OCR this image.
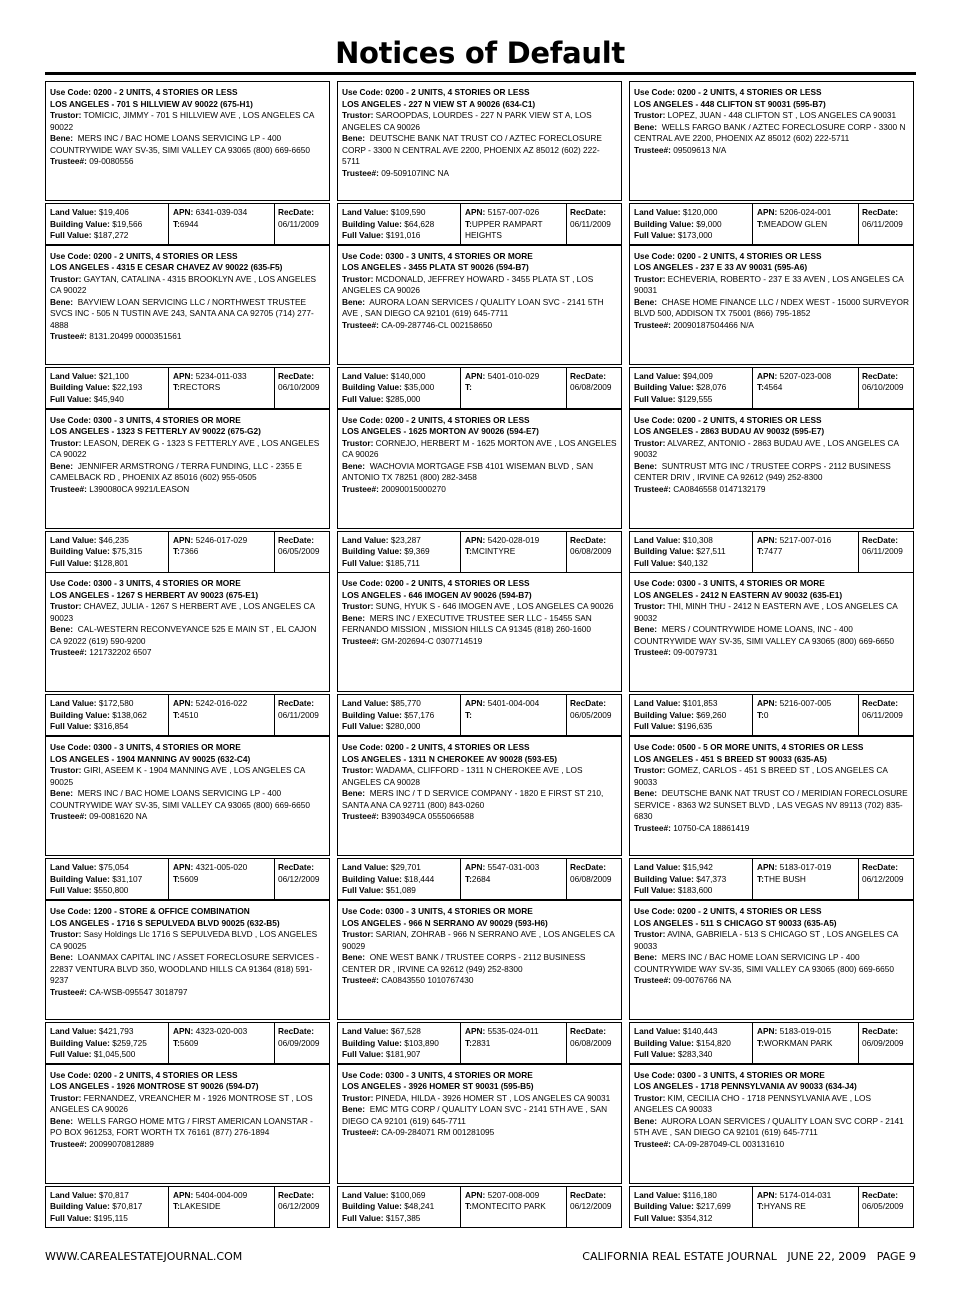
Notices of Default
Use Code: 0200 - 2 UNITS, 4 STORIES OR LESS
LOS ANGELES - 701 S HILLVIEW AV 90022 (675-H1)
Trustor: TOMICIC, JIMMY - 701 S HILLVIEW AVE , LOS ANGELES CA 90022
Bene: MERS INC / BAC HOME LOANS SERVICING LP - 400 COUNTRYWIDE WAY SV-35, SIMI VALLEY CA 93065 (800) 669-6650
Trustee#: 09-0080556
Land Value: $19,406
Building Value: $19,566
Full Value: $187,272
APN: 6341-039-034
T:6944
RecDate:
06/11/2009
Use Code: 0200 - 2 UNITS, 4 STORIES OR LESS
LOS ANGELES - 4315 E CESAR CHAVEZ AV 90022 (635-F5)
Trustor: GAYTAN, CATALINA - 4315 BROOKLYN AVE , LOS ANGELES CA 90022
Bene: BAYVIEW LOAN SERVICING LLC / NORTHWEST TRUSTEE SVCS INC - 505 N TUSTIN AVE 243, SANTA ANA CA 92705 (714) 277-4888
Trustee#: 8131.20499 0000351561
Land Value: $21,100
Building Value: $22,193
Full Value: $45,940
APN: 5234-011-033
T:RECTORS
RecDate:
06/10/2009
Use Code: 0300 - 3 UNITS, 4 STORIES OR MORE
LOS ANGELES - 1323 S FETTERLY AV 90022 (675-G2)
Trustor: LEASON, DEREK G - 1323 S FETTERLY AVE , LOS ANGELES CA 90022
Bene: JENNIFER ARMSTRONG / TERRA FUNDING, LLC - 2355 E CAMELBACK RD , PHOENIX AZ 85016 (602) 955-0505
Trustee#: L390080CA 9921/LEASON
Land Value: $46,235
Building Value: $75,315
Full Value: $128,801
APN: 5246-017-029
T:7366
RecDate:
06/05/2009
Use Code: 0300 - 3 UNITS, 4 STORIES OR MORE
LOS ANGELES - 1267 S HERBERT AV 90023 (675-E1)
Trustor: CHAVEZ, JULIA - 1267 S HERBERT AVE , LOS ANGELES CA 90023
Bene: CAL-WESTERN RECONVEYANCE 525 E MAIN ST , EL CAJON CA 92022 (619) 590-9200
Trustee#: 121732202 6507
Land Value: $172,580
Building Value: $138,062
Full Value: $316,854
APN: 5242-016-022
T:4510
RecDate:
06/11/2009
Use Code: 0300 - 3 UNITS, 4 STORIES OR MORE
LOS ANGELES - 1904 MANNING AV 90025 (632-C4)
Trustor: GIRI, ASEEM K - 1904 MANNING AVE , LOS ANGELES CA 90025
Bene: MERS INC / BAC HOME LOANS SERVICING LP - 400 COUNTRYWIDE WAY SV-35, SIMI VALLEY CA 93065 (800) 669-6650
Trustee#: 09-0081620 NA
Land Value: $75,054
Building Value: $31,107
Full Value: $550,800
APN: 4321-005-020
T:5609
RecDate:
06/12/2009
Use Code: 1200 - STORE & OFFICE COMBINATION
LOS ANGELES - 1716 S SEPULVEDA BLVD 90025 (632-B5)
Trustor: Sasy Holdings Llc 1716 S SEPULVEDA BLVD , LOS ANGELES CA 90025
Bene: LOANMAX CAPITAL INC / ASSET FORECLOSURE SERVICES - 22837 VENTURA BLVD 350, WOODLAND HILLS CA 91364 (818) 591-9237
Trustee#: CA-WSB-095547 3018797
Land Value: $421,793
Building Value: $259,725
Full Value: $1,045,500
APN: 4323-020-003
T:5609
RecDate:
06/09/2009
Use Code: 0200 - 2 UNITS, 4 STORIES OR LESS
LOS ANGELES - 1926 MONTROSE ST 90026 (594-D7)
Trustor: FERNANDEZ, VREANCHER M - 1926 MONTROSE ST , LOS ANGELES CA 90026
Bene: WELLS FARGO HOME MTG / FIRST AMERICAN LOANSTAR - PO BOX 961253, FORT WORTH TX 76161 (877) 276-1894
Trustee#: 20099070812889
Land Value: $70,817
Building Value: $70,817
Full Value: $195,115
APN: 5404-004-009
T:LAKESIDE
RecDate:
06/12/2009
Use Code: 0200 - 2 UNITS, 4 STORIES OR LESS
LOS ANGELES - 227 N VIEW ST A 90026 (634-C1)
Trustor: SAROOPDAS, LOURDES - 227 N PARK VIEW ST A, LOS ANGELES CA 90026
Bene: DEUTSCHE BANK NAT TRUST CO / AZTEC FORECLOSURE CORP - 3300 N CENTRAL AVE 2200, PHOENIX AZ 85012 (602) 222-5711
Trustee#: 09-509107INC NA
Land Value: $109,590
Building Value: $64,628
Full Value: $191,016
APN: 5157-007-026
T:UPPER RAMPART HEIGHTS
RecDate:
06/11/2009
Use Code: 0300 - 3 UNITS, 4 STORIES OR MORE
LOS ANGELES - 3455 PLATA ST 90026 (594-B7)
Trustor: MCDONALD, JEFFREY HOWARD - 3455 PLATA ST , LOS ANGELES CA 90026
Bene: AURORA LOAN SERVICES / QUALITY LOAN SVC - 2141 5TH AVE , SAN DIEGO CA 92101 (619) 645-7711
Trustee#: CA-09-287746-CL 002158650
Land Value: $140,000
Building Value: $35,000
Full Value: $285,000
APN: 5401-010-029
T:
RecDate:
06/08/2009
Use Code: 0200 - 2 UNITS, 4 STORIES OR LESS
LOS ANGELES - 1625 MORTON AV 90026 (594-E7)
Trustor: CORNEJO, HERBERT M - 1625 MORTON AVE , LOS ANGELES CA 90026
Bene: WACHOVIA MORTGAGE FSB 4101 WISEMAN BLVD , SAN ANTONIO TX 78251 (800) 282-3458
Trustee#: 20090015000270
Land Value: $23,287
Building Value: $9,369
Full Value: $185,711
APN: 5420-028-019
T:MCINTYRE
RecDate:
06/08/2009
Use Code: 0200 - 2 UNITS, 4 STORIES OR LESS
LOS ANGELES - 646 IMOGEN AV 90026 (594-B7)
Trustor: SUNG, HYUK S - 646 IMOGEN AVE , LOS ANGELES CA 90026
Bene: MERS INC / EXECUTIVE TRUSTEE SER LLC - 15455 SAN FERNANDO MISSION , MISSION HILLS CA 91345 (818) 260-1600
Trustee#: GM-202694-C 0307714519
Land Value: $85,770
Building Value: $57,176
Full Value: $280,000
APN: 5401-004-004
T:
RecDate:
06/05/2009
Use Code: 0200 - 2 UNITS, 4 STORIES OR LESS
LOS ANGELES - 1311 N CHEROKEE AV 90028 (593-E5)
Trustor: WADAMA, CLIFFORD - 1311 N CHEROKEE AVE , LOS ANGELES CA 90028
Bene: MERS INC / T D SERVICE COMPANY - 1820 E FIRST ST 210, SANTA ANA CA 92711 (800) 843-0260
Trustee#: B390349CA 0555066588
Land Value: $29,701
Building Value: $18,444
Full Value: $51,089
APN: 5547-031-003
T:2684
RecDate:
06/08/2009
Use Code: 0300 - 3 UNITS, 4 STORIES OR MORE
LOS ANGELES - 966 N SERRANO AV 90029 (593-H6)
Trustor: SARIAN, ZOHRAB - 966 N SERRANO AVE , LOS ANGELES CA 90029
Bene: ONE WEST BANK / TRUSTEE CORPS - 2112 BUSINESS CENTER DR , IRVINE CA 92612 (949) 252-8300
Trustee#: CA0843550 1010767430
Land Value: $67,528
Building Value: $103,890
Full Value: $181,907
APN: 5535-024-011
T:2831
RecDate:
06/08/2009
Use Code: 0300 - 3 UNITS, 4 STORIES OR MORE
LOS ANGELES - 3926 HOMER ST 90031 (595-B5)
Trustor: PINEDA, HILDA - 3926 HOMER ST , LOS ANGELES CA 90031
Bene: EMC MTG CORP / QUALITY LOAN SVC - 2141 5TH AVE , SAN DIEGO CA 92101 (619) 645-7711
Trustee#: CA-09-284071 RM 001281095
Land Value: $100,069
Building Value: $48,241
Full Value: $157,385
APN: 5207-008-009
T:MONTECITO PARK
RecDate:
06/12/2009
Use Code: 0200 - 2 UNITS, 4 STORIES OR LESS
LOS ANGELES - 448 CLIFTON ST 90031 (595-B7)
Trustor: LOPEZ, JUAN - 448 CLIFTON ST , LOS ANGELES CA 90031
Bene: WELLS FARGO BANK / AZTEC FORECLOSURE CORP - 3300 N CENTRAL AVE 2200, PHOENIX AZ 85012 (602) 222-5711
Trustee#: 09509613 N/A
Land Value: $120,000
Building Value: $9,000
Full Value: $173,000
APN: 5206-024-001
T:MEADOW GLEN
RecDate:
06/11/2009
Use Code: 0200 - 2 UNITS, 4 STORIES OR LESS
LOS ANGELES - 237 E 33 AV 90031 (595-A6)
Trustor: ECHEVERIA, ROBERTO - 237 E 33 AVEN , LOS ANGELES CA 90031
Bene: CHASE HOME FINANCE LLC / NDEX WEST - 15000 SURVEYOR BLVD 500, ADDISON TX 75001 (866) 795-1852
Trustee#: 20090187504466 N/A
Land Value: $94,009
Building Value: $28,076
Full Value: $129,555
APN: 5207-023-008
T:4564
RecDate:
06/10/2009
Use Code: 0200 - 2 UNITS, 4 STORIES OR LESS
LOS ANGELES - 2863 BUDAU AV 90032 (595-E7)
Trustor: ALVAREZ, ANTONIO - 2863 BUDAU AVE , LOS ANGELES CA 90032
Bene: SUNTRUST MTG INC / TRUSTEE CORPS - 2112 BUSINESS CENTER DRIV , IRVINE CA 92612 (949) 252-8300
Trustee#: CA0846558 0147132179
Land Value: $10,308
Building Value: $27,511
Full Value: $40,132
APN: 5217-007-016
T:7477
RecDate:
06/11/2009
Use Code: 0300 - 3 UNITS, 4 STORIES OR MORE
LOS ANGELES - 2412 N EASTERN AV 90032 (635-E1)
Trustor: THI, MINH THU - 2412 N EASTERN AVE , LOS ANGELES CA 90032
Bene: MERS / COUNTRYWIDE HOME LOANS, INC - 400 COUNTRYWIDE WAY SV-35, SIMI VALLEY CA 93065 (800) 669-6650
Trustee#: 09-0079731
Land Value: $101,853
Building Value: $69,260
Full Value: $196,635
APN: 5216-007-005
T:0
RecDate:
06/11/2009
Use Code: 0500 - 5 OR MORE UNITS, 4 STORIES OR LESS
LOS ANGELES - 451 S BREED ST 90033 (635-A5)
Trustor: GOMEZ, CARLOS - 451 S BREED ST , LOS ANGELES CA 90033
Bene: DEUTSCHE BANK NAT TRUST CO / MERIDIAN FORECLOSURE SERVICE - 8363 W2 SUNSET BLVD , LAS VEGAS NV 89113 (702) 835-6830
Trustee#: 10750-CA 18861419
Land Value: $15,942
Building Value: $47,373
Full Value: $183,600
APN: 5183-017-019
T:THE BUSH
RecDate:
06/12/2009
Use Code: 0200 - 2 UNITS, 4 STORIES OR LESS
LOS ANGELES - 511 S CHICAGO ST 90033 (635-A5)
Trustor: AVINA, GABRIELA - 513 S CHICAGO ST , LOS ANGELES CA 90033
Bene: MERS INC / BAC HOME LOAN SERVICING LP - 400 COUNTRYWIDE WAY SV-35, SIMI VALLEY CA 93065 (800) 669-6650
Trustee#: 09-0076766 NA
Land Value: $140,443
Building Value: $154,820
Full Value: $283,340
APN: 5183-019-015
T:WORKMAN PARK
RecDate:
06/09/2009
Use Code: 0300 - 3 UNITS, 4 STORIES OR MORE
LOS ANGELES - 1718 PENNSYLVANIA AV 90033 (634-J4)
Trustor: KIM, CECILIA CHO - 1718 PENNSYLVANIA AVE , LOS ANGELES CA 90033
Bene: AURORA LOAN SERVICES / QUALITY LOAN SVC CORP - 2141 5TH AVE , SAN DIEGO CA 92101 (619) 645-7711
Trustee#: CA-09-287049-CL 003131610
Land Value: $116,180
Building Value: $217,699
Full Value: $354,312
APN: 5174-014-031
T:HYANS RE
RecDate:
06/05/2009
WWW.CAREALESTATEJOURNAL.COM	CALIFORNIA REAL ESTATE JOURNAL   JUNE 22, 2009   PAGE 9
